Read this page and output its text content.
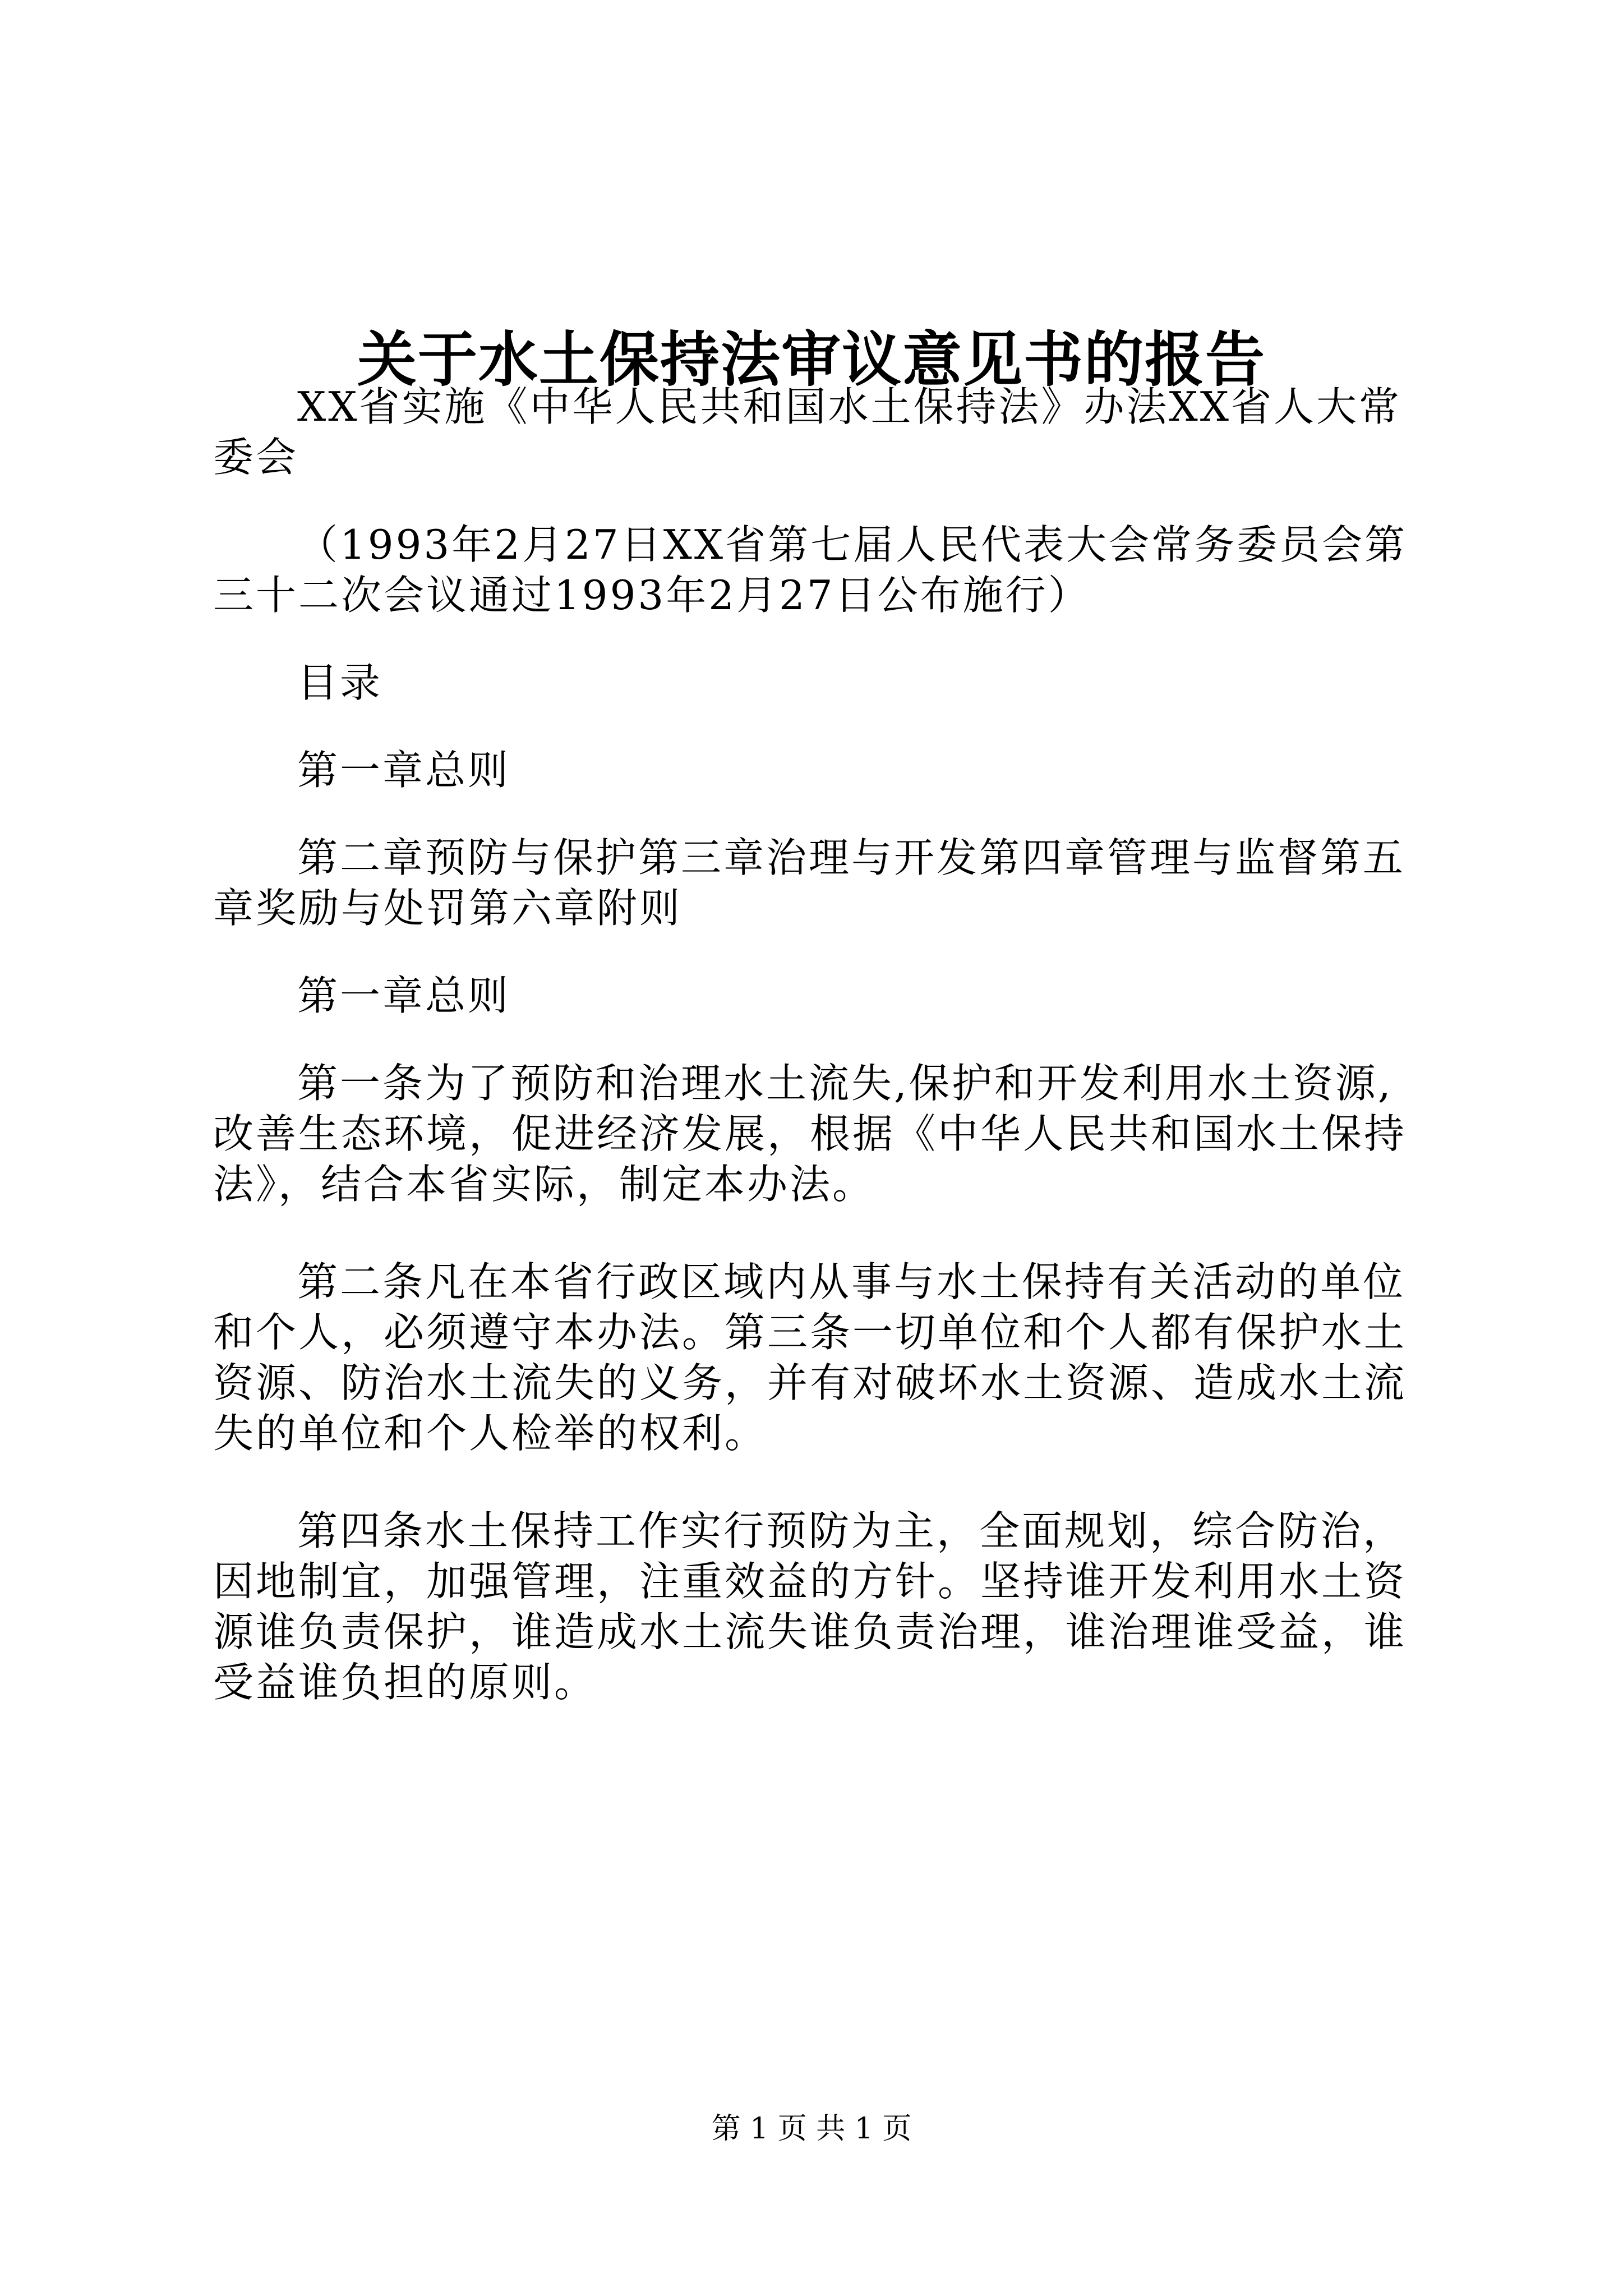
关于水土保持法审议意见书的报告

XX省实施《中华人民共和国水土保持法》办法XX省人大常委会

（1993年2月27日XX省第七届人民代表大会常务委员会第三十二次会议通过1993年2月27日公布施行）

目录

第一章总则

第二章预防与保护第三章治理与开发第四章管理与监督第五章奖励与处罚第六章附则

第一章总则

第一条为了预防和治理水土流失,保护和开发利用水土资源,改善生态环境，促进经济发展，根据《中华人民共和国水土保持法》，结合本省实际，制定本办法。

第二条凡在本省行政区域内从事与水土保持有关活动的单位和个人，必须遵守本办法。第三条一切单位和个人都有保护水土资源、防治水土流失的义务，并有对破坏水土资源、造成水土流失的单位和个人检举的权利。

第四条水土保持工作实行预防为主，全面规划，综合防治，因地制宜，加强管理，注重效益的方针。坚持谁开发利用水土资源谁负责保护，谁造成水土流失谁负责治理，谁治理谁受益，谁受益谁负担的原则。

第 1 页 共 1 页
